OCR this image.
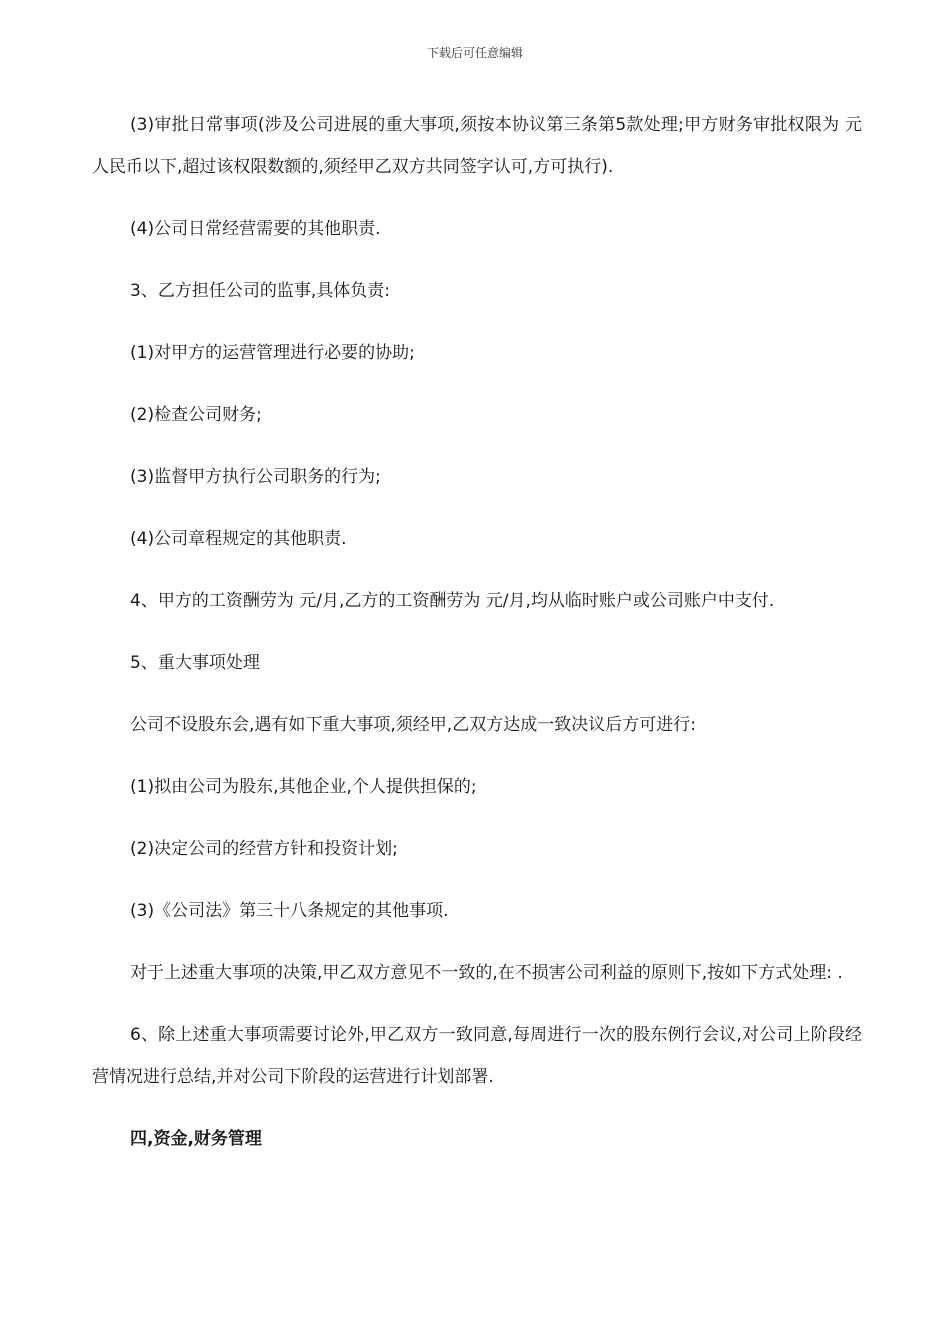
下载后可任意编辑

(3)审批日常事项(涉及公司进展的重大事项,须按本协议第三条第5款处理;甲方财务审批权限为 元人民币以下,超过该权限数额的,须经甲乙双方共同签字认可,方可执行).

(4)公司日常经营需要的其他职责.

3、乙方担任公司的监事,具体负责:

(1)对甲方的运营管理进行必要的协助;

(2)检查公司财务;

(3)监督甲方执行公司职务的行为;

(4)公司章程规定的其他职责.

4、甲方的工资酬劳为 元/月,乙方的工资酬劳为 元/月,均从临时账户或公司账户中支付.

5、重大事项处理

公司不设股东会,遇有如下重大事项,须经甲,乙双方达成一致决议后方可进行:

(1)拟由公司为股东,其他企业,个人提供担保的;

(2)决定公司的经营方针和投资计划;

(3)《公司法》第三十八条规定的其他事项.

对于上述重大事项的决策,甲乙双方意见不一致的,在不损害公司利益的原则下,按如下方式处理: .

6、除上述重大事项需要讨论外,甲乙双方一致同意,每周进行一次的股东例行会议,对公司上阶段经营情况进行总结,并对公司下阶段的运营进行计划部署.

四,资金,财务管理
